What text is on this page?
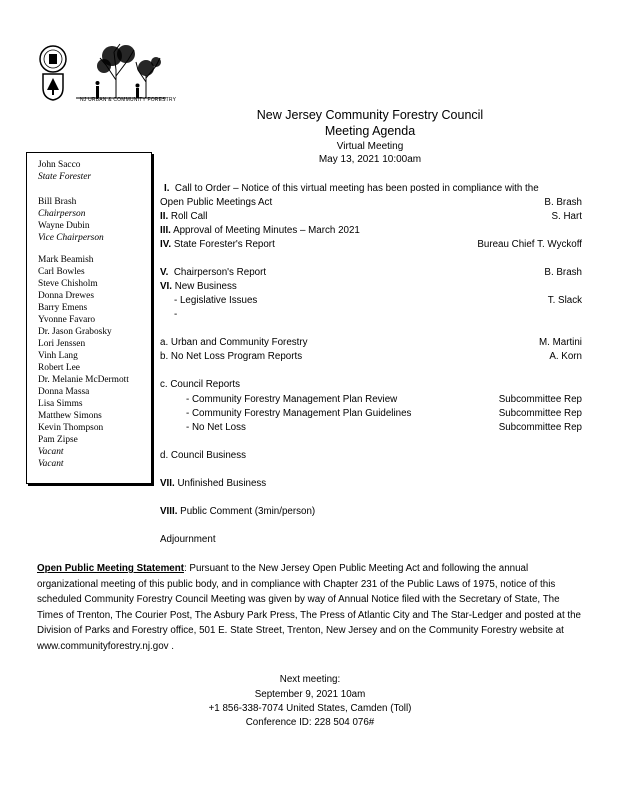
NJ URBAN & COMMUNITY FORESTRY
New Jersey Community Forestry Council
Meeting Agenda
Virtual Meeting
May 13, 2021 10:00am
John Sacco
State Forester
Bill Brash
Chairperson
Wayne Dubin
Vice Chairperson
Mark Beamish
Carl Bowles
Steve Chisholm
Donna Drewes
Barry Emens
Yvonne Favaro
Dr. Jason Grabosky
Lori Jenssen
Vinh Lang
Robert Lee
Dr. Melanie McDermott
Donna Massa
Lisa Simms
Matthew Simons
Kevin Thompson
Pam Zipse
Vacant
Vacant
I. Call to Order – Notice of this virtual meeting has been posted in compliance with the
Open Public Meetings Act	B. Brash
II. Roll Call	S. Hart
III. Approval of Meeting Minutes – March 2021
IV. State Forester's Report	Bureau Chief T. Wyckoff
V. Chairperson's Report	B. Brash
VI. New Business
- Legislative Issues	T. Slack
-
a. Urban and Community Forestry	M. Martini
b. No Net Loss Program Reports	A. Korn
c. Council Reports
- Community Forestry Management Plan Review	Subcommittee Rep
- Community Forestry Management Plan Guidelines	Subcommittee Rep
- No Net Loss	Subcommittee Rep
d. Council Business
VII. Unfinished Business
VIII. Public Comment (3min/person)
Adjournment
Open Public Meeting Statement: Pursuant to the New Jersey Open Public Meeting Act and following the annual organizational meeting of this public body, and in compliance with Chapter 231 of the Public Laws of 1975, notice of this scheduled Community Forestry Council Meeting was given by way of Annual Notice filed with the Secretary of State, The Times of Trenton, The Courier Post, The Asbury Park Press, The Press of Atlantic City and The Star-Ledger and posted at the Division of Parks and Forestry office, 501 E. State Street, Trenton, New Jersey and on the Community Forestry website at www.communityforestry.nj.gov .
Next meeting:
September 9, 2021 10am
+1 856-338-7074 United States, Camden (Toll)
Conference ID: 228 504 076#
